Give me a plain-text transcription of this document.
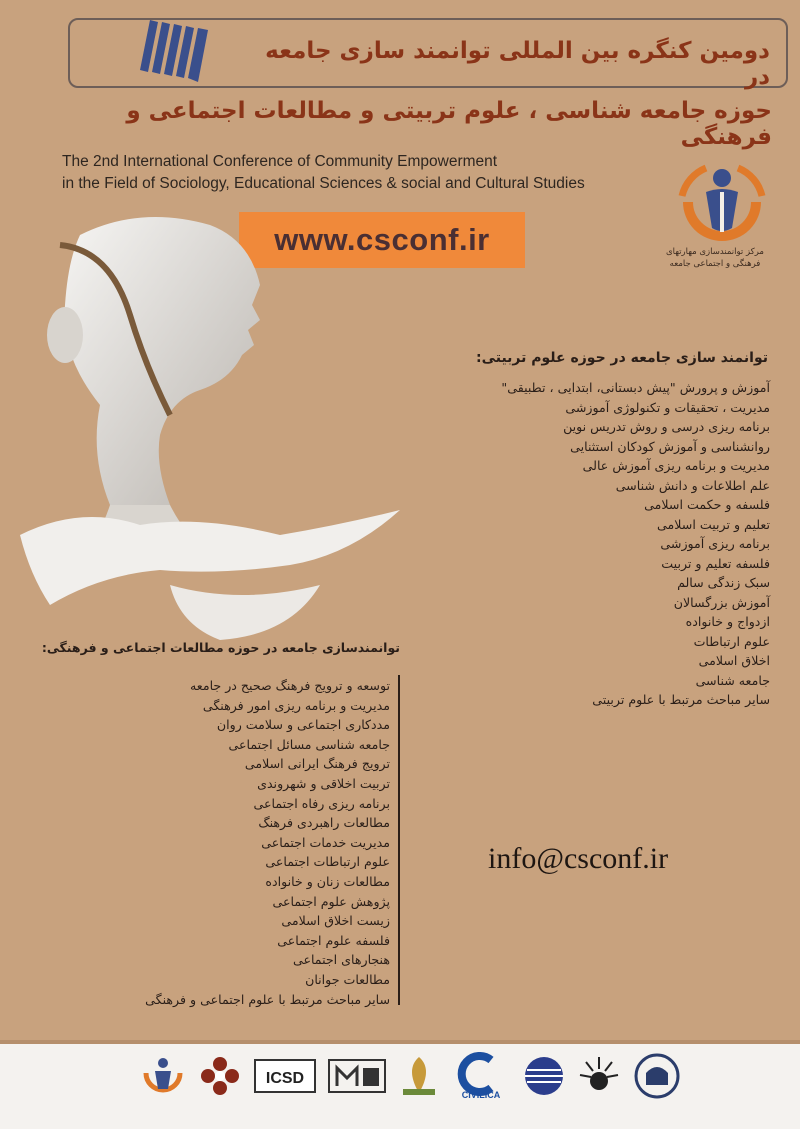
دومین کنگره بین المللی توانمند سازی جامعه در
حوزه جامعه شناسی ، علوم تربیتی و مطالعات اجتماعی و فرهنگی
The 2nd International Conference of Community Empowerment
in the Field of Sociology, Educational Sciences & social and Cultural Studies
www.csconf.ir	مرکز توانمندسازی مهارتهای
فرهنگی و اجتماعی جامعه
توانمند سازی جامعه در حوزه علوم تربیتی:
آموزش و پرورش "پیش دبستانی، ابتدایی ، تطبیقی"
مدیریت ، تحقیقات و تکنولوژی آموزشی
برنامه ریزی درسی و روش تدریس نوین
روانشناسی و آموزش کودکان استثنایی
مدیریت و برنامه ریزی آموزش عالی
علم اطلاعات و دانش شناسی
فلسفه و حکمت اسلامی
تعلیم و تربیت اسلامی
برنامه ریزی آموزشی
فلسفه تعلیم و تربیت
سبک زندگی سالم
آموزش بزرگسالان
ازدواج و خانواده
علوم ارتباطات
اخلاق اسلامی
جامعه شناسی
سایر مباحث مرتبط با علوم تربیتی
توانمندسازی جامعه در حوزه مطالعات اجتماعی و فرهنگی:
توسعه و ترویج فرهنگ صحیح در جامعه
مدیریت و برنامه ریزی امور فرهنگی
مددکاری اجتماعی و سلامت روان
جامعه شناسی مسائل اجتماعی
ترویج فرهنگ ایرانی اسلامی
تربیت اخلاقی و شهروندی
برنامه ریزی رفاه اجتماعی
مطالعات راهبردی فرهنگ
مدیریت خدمات اجتماعی
علوم ارتباطات اجتماعی
مطالعات زنان و خانواده
پژوهش علوم اجتماعی
زیست اخلاق اسلامی
فلسفه علوم اجتماعی
هنجارهای اجتماعی
مطالعات جوانان
سایر مباحث مرتبط با علوم اجتماعی و فرهنگی
info@csconf.ir
CIVILICA
ICSD
